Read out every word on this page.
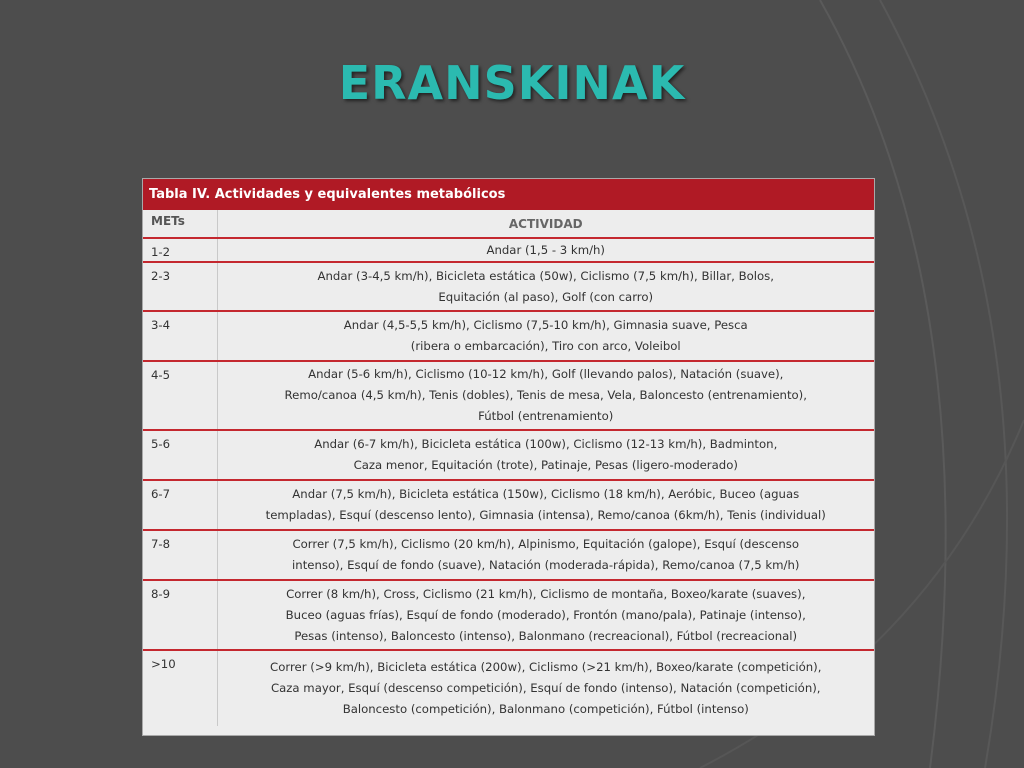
ERANSKINAK
Tabla IV. Actividades y equivalentes metabólicos
METs	ACTIVIDAD
1-2	Andar (1,5 - 3 km/h)

2-3	Andar (3-4,5 km/h), Bicicleta estática (50w), Ciclismo (7,5 km/h), Billar, Bolos,
Equitación (al paso), Golf (con carro)

3-4	Andar (4,5-5,5 km/h), Ciclismo (7,5-10 km/h), Gimnasia suave, Pesca
(ribera o embarcación), Tiro con arco, Voleibol

4-5	Andar (5-6 km/h), Ciclismo (10-12 km/h), Golf (llevando palos), Natación (suave),
Remo/canoa (4,5 km/h), Tenis (dobles), Tenis de mesa, Vela, Baloncesto (entrenamiento),
Fútbol (entrenamiento)

5-6	Andar (6-7 km/h), Bicicleta estática (100w), Ciclismo (12-13 km/h), Badminton,
Caza menor, Equitación (trote), Patinaje, Pesas (ligero-moderado)

6-7	Andar (7,5 km/h), Bicicleta estática (150w), Ciclismo (18 km/h), Aeróbic, Buceo (aguas
templadas), Esquí (descenso lento), Gimnasia (intensa), Remo/canoa (6km/h), Tenis (individual)

7-8	Correr (7,5 km/h), Ciclismo (20 km/h), Alpinismo, Equitación (galope), Esquí (descenso
intenso), Esquí de fondo (suave), Natación (moderada-rápida), Remo/canoa (7,5 km/h)

8-9	Correr (8 km/h), Cross, Ciclismo (21 km/h), Ciclismo de montaña, Boxeo/karate (suaves),
Buceo (aguas frías), Esquí de fondo (moderado), Frontón (mano/pala), Patinaje (intenso),
Pesas (intenso), Baloncesto (intenso), Balonmano (recreacional), Fútbol (recreacional)

>10	Correr (>9 km/h), Bicicleta estática (200w), Ciclismo (>21 km/h), Boxeo/karate (competición),
Caza mayor, Esquí (descenso competición), Esquí de fondo (intenso), Natación (competición),
Baloncesto (competición), Balonmano (competición), Fútbol (intenso)
